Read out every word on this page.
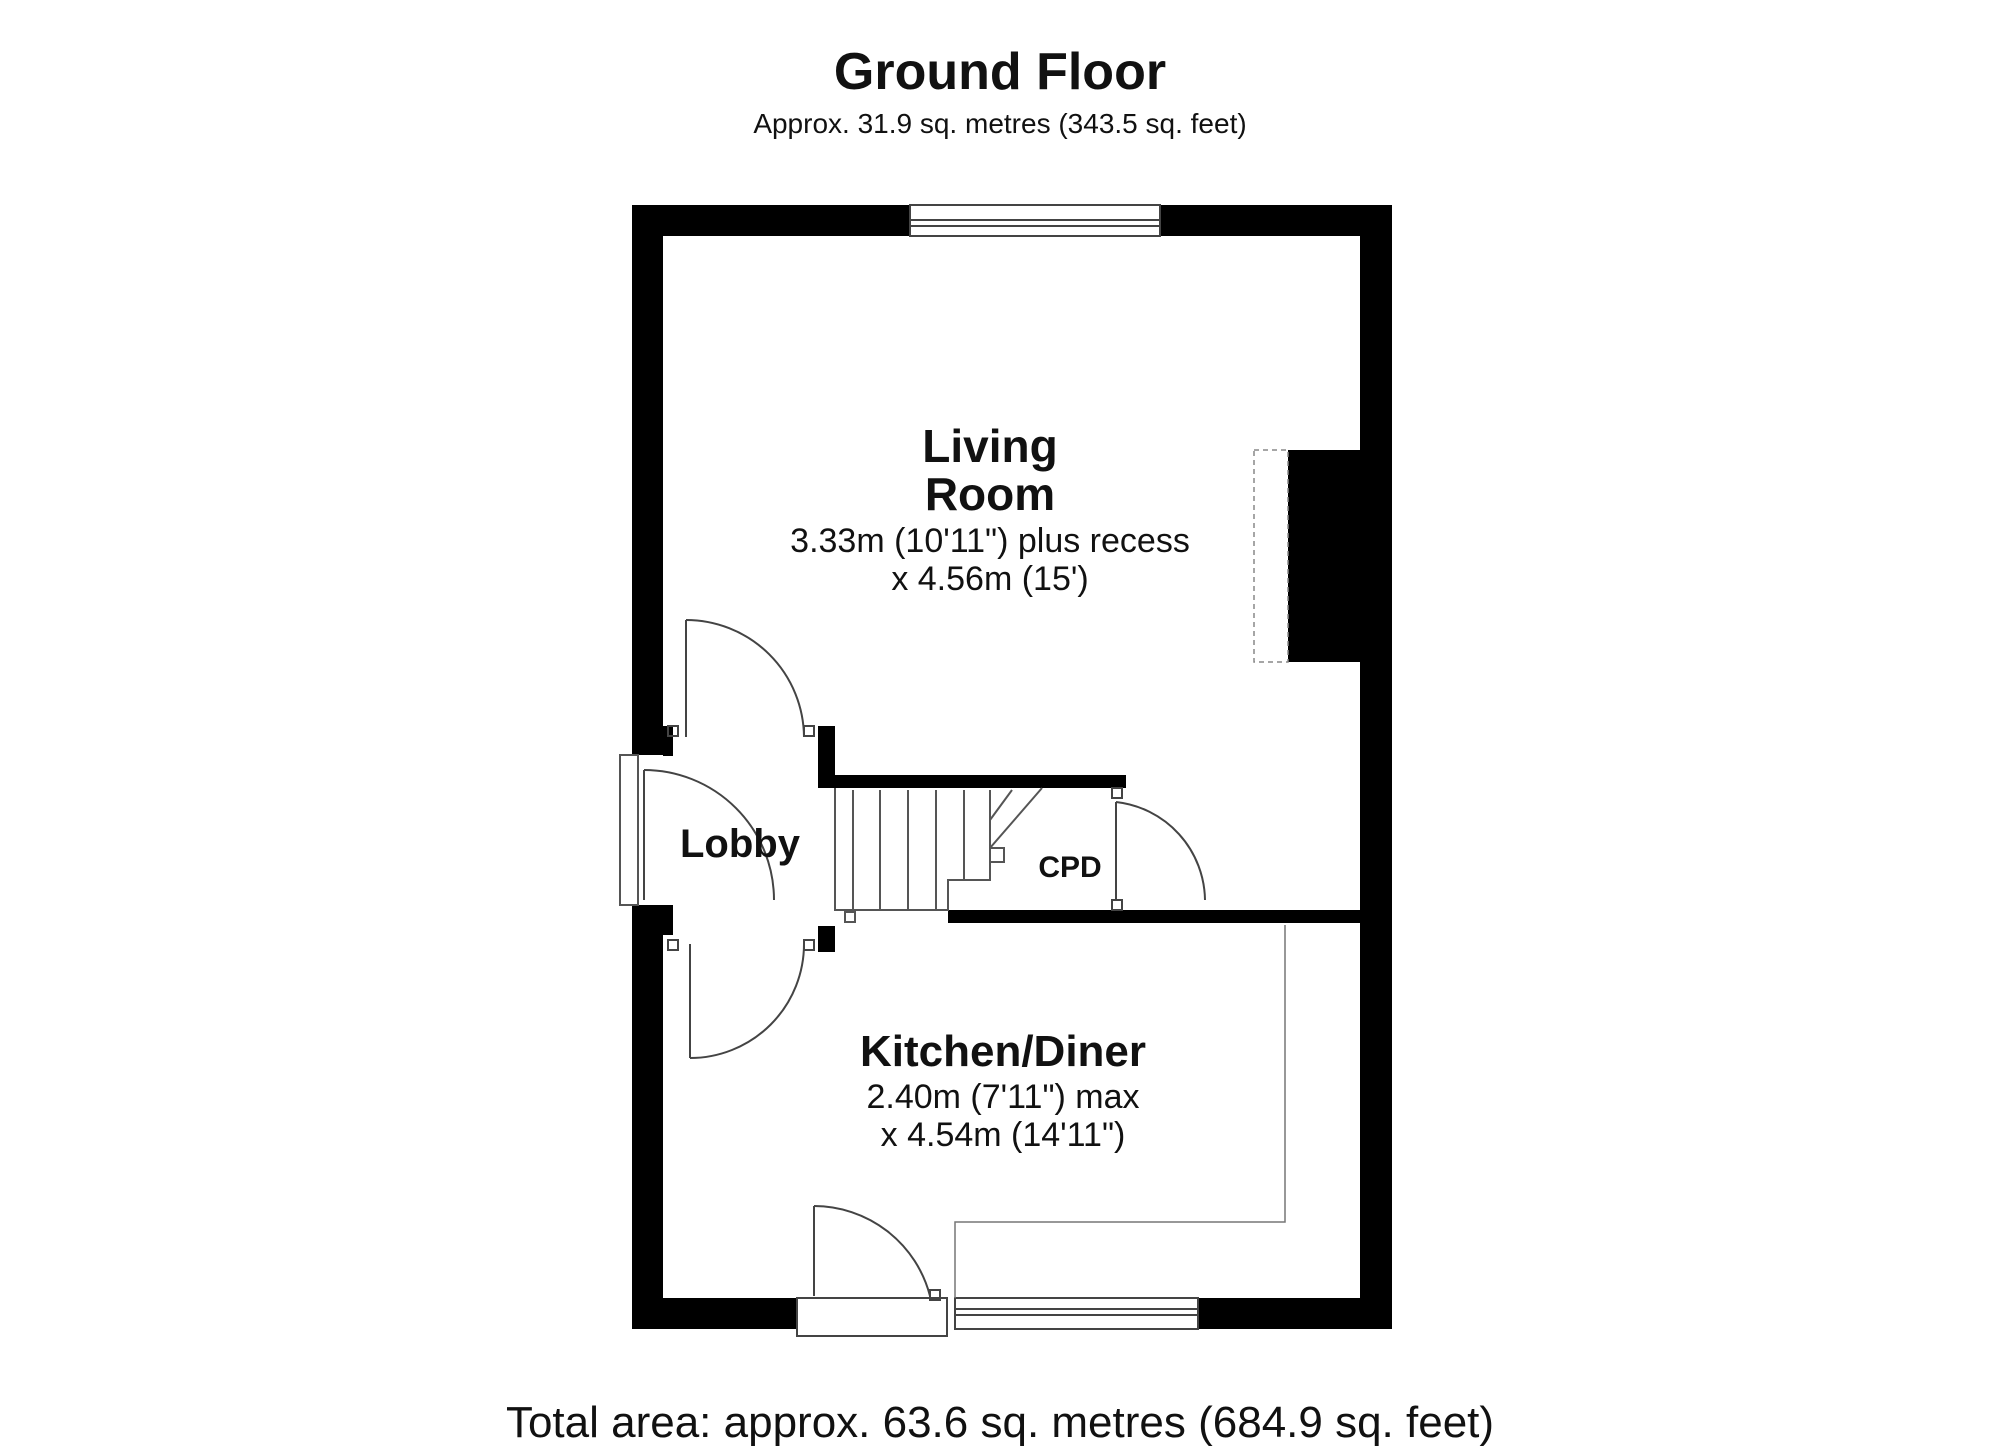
Ground Floor
Approx. 31.9 sq. metres (343.5 sq. feet)
Living
Room
3.33m (10'11") plus recess
x 4.56m (15')
Lobby
CPD
Kitchen/Diner
2.40m (7'11") max
x 4.54m (14'11")
Total area: approx. 63.6 sq. metres (684.9 sq. feet)
